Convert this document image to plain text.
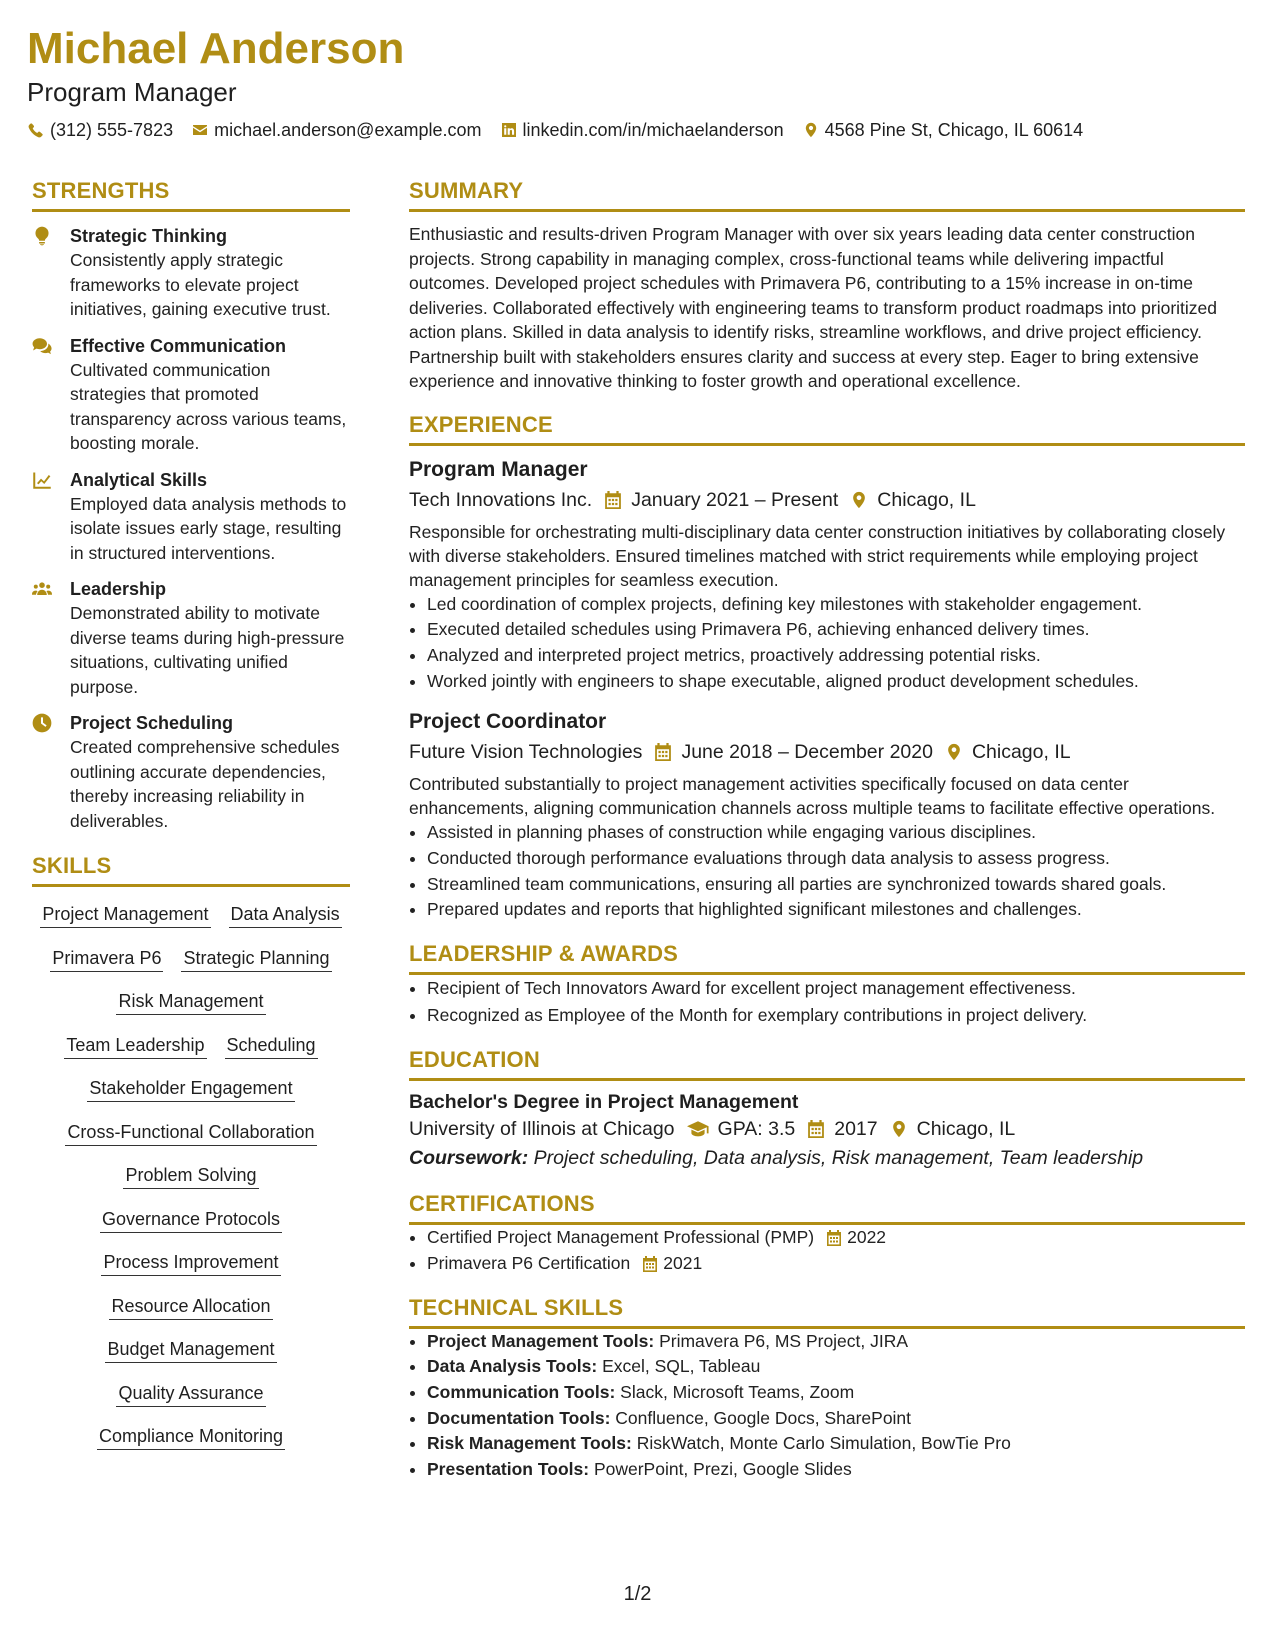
Michael Anderson
Program Manager
(312) 555-7823 michael.anderson@example.com linkedin.com/in/michaelanderson 4568 Pine St, Chicago, IL 60614
STRENGTHS
Strategic Thinking
Consistently apply strategic frameworks to elevate project initiatives, gaining executive trust.
Effective Communication
Cultivated communication strategies that promoted transparency across various teams, boosting morale.
Analytical Skills
Employed data analysis methods to isolate issues early stage, resulting in structured interventions.
Leadership
Demonstrated ability to motivate diverse teams during high-pressure situations, cultivating unified purpose.
Project Scheduling
Created comprehensive schedules outlining accurate dependencies, thereby increasing reliability in deliverables.
SKILLS
Project Management Data Analysis
Primavera P6 Strategic Planning
Risk Management
Team Leadership Scheduling
Stakeholder Engagement
Cross-Functional Collaboration
Problem Solving
Governance Protocols
Process Improvement
Resource Allocation
Budget Management
Quality Assurance
Compliance Monitoring
SUMMARY
Enthusiastic and results-driven Program Manager with over six years leading data center construction projects. Strong capability in managing complex, cross-functional teams while delivering impactful outcomes. Developed project schedules with Primavera P6, contributing to a 15% increase in on-time deliveries. Collaborated effectively with engineering teams to transform product roadmaps into prioritized action plans. Skilled in data analysis to identify risks, streamline workflows, and drive project efficiency. Partnership built with stakeholders ensures clarity and success at every step. Eager to bring extensive experience and innovative thinking to foster growth and operational excellence.
EXPERIENCE
Program Manager
Tech Innovations Inc. January 2021 – Present Chicago, IL
Responsible for orchestrating multi-disciplinary data center construction initiatives by collaborating closely with diverse stakeholders. Ensured timelines matched with strict requirements while employing project management principles for seamless execution.
• Led coordination of complex projects, defining key milestones with stakeholder engagement.
• Executed detailed schedules using Primavera P6, achieving enhanced delivery times.
• Analyzed and interpreted project metrics, proactively addressing potential risks.
• Worked jointly with engineers to shape executable, aligned product development schedules.
Project Coordinator
Future Vision Technologies June 2018 – December 2020 Chicago, IL
Contributed substantially to project management activities specifically focused on data center enhancements, aligning communication channels across multiple teams to facilitate effective operations.
• Assisted in planning phases of construction while engaging various disciplines.
• Conducted thorough performance evaluations through data analysis to assess progress.
• Streamlined team communications, ensuring all parties are synchronized towards shared goals.
• Prepared updates and reports that highlighted significant milestones and challenges.
LEADERSHIP & AWARDS
• Recipient of Tech Innovators Award for excellent project management effectiveness.
• Recognized as Employee of the Month for exemplary contributions in project delivery.
EDUCATION
Bachelor's Degree in Project Management
University of Illinois at Chicago GPA: 3.5 2017 Chicago, IL
Coursework: Project scheduling, Data analysis, Risk management, Team leadership
CERTIFICATIONS
• Certified Project Management Professional (PMP) 2022
• Primavera P6 Certification 2021
TECHNICAL SKILLS
• Project Management Tools: Primavera P6, MS Project, JIRA
• Data Analysis Tools: Excel, SQL, Tableau
• Communication Tools: Slack, Microsoft Teams, Zoom
• Documentation Tools: Confluence, Google Docs, SharePoint
• Risk Management Tools: RiskWatch, Monte Carlo Simulation, BowTie Pro
• Presentation Tools: PowerPoint, Prezi, Google Slides
1/2
